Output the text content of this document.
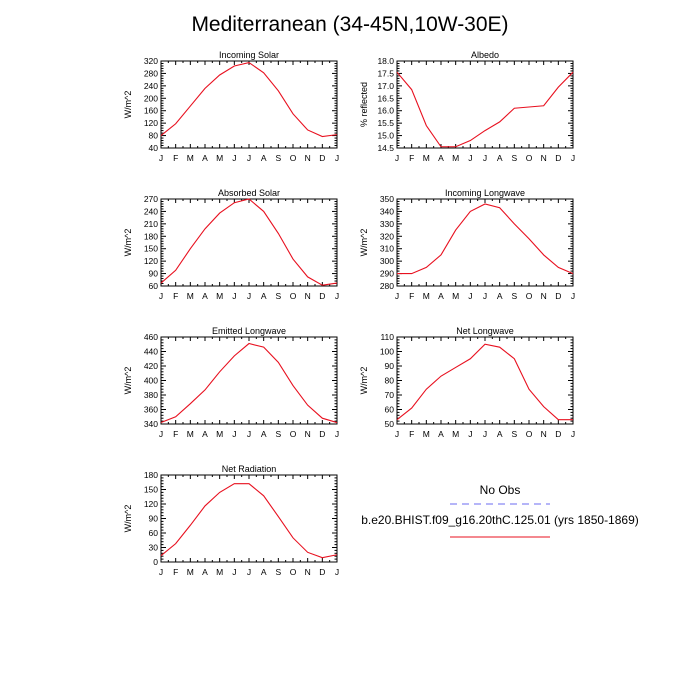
Mediterranean (34-45N,10W-30E)
Incoming Solar
J F M A M J J A S O N D J
40
80
120
160
200
240
280
320
W/m^2
Albedo
J F M A M J J A S O N D J
14.5
15.0
15.5
16.0
16.5
17.0
17.5
18.0
% reflected
Absorbed Solar
J F M A M J J A S O N D J
60
90
120
150
180
210
240
270
W/m^2
Incoming Longwave
J F M A M J J A S O N D J
280
290
300
310
320
330
340
350
W/m^2
Emitted Longwave
J F M A M J J A S O N D J
340
360
380
400
420
440
460
W/m^2
Net Longwave
J F M A M J J A S O N D J
50
60
70
80
90
100
110
W/m^2
Net Radiation
J F M A M J J A S O N D J
0
30
60
90
120
150
180
W/m^2
No Obs
b.e20.BHIST.f09_g16.20thC.125.01 (yrs 1850-1869)
